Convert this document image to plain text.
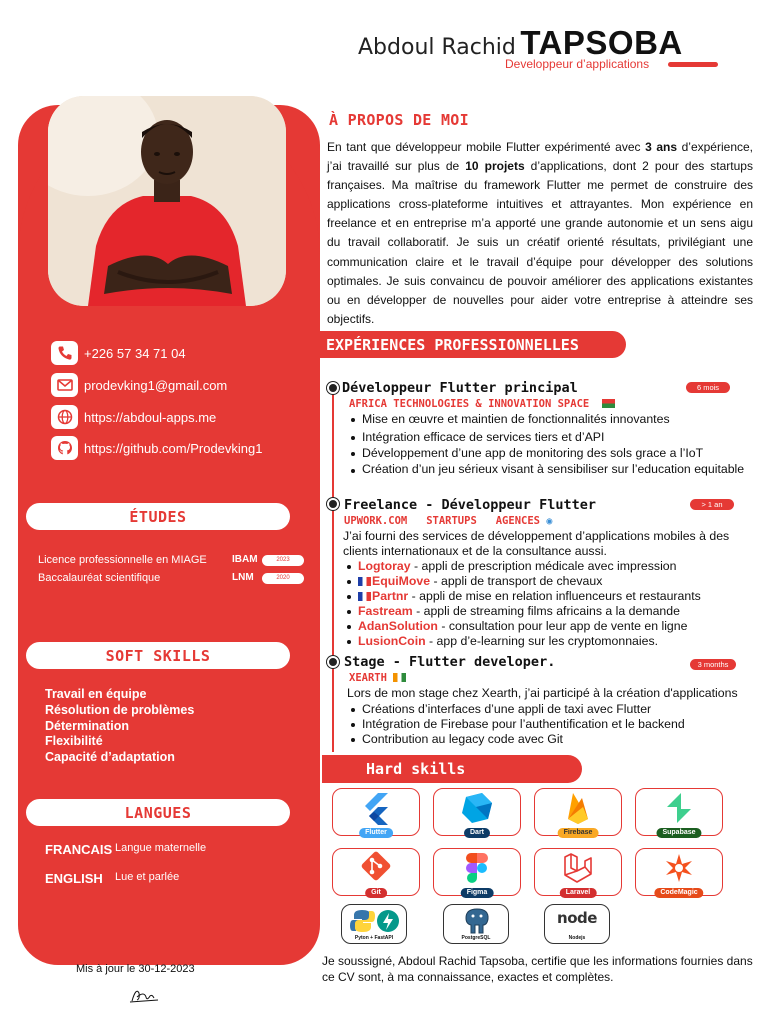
Abdoul Rachid TAPSOBA
Developpeur d’applications
+226 57 34 71 04
prodevking1@gmail.com
https://abdoul-apps.me
https://github.com/Prodevking1
ÉTUDES
Licence professionnelle en MIAGE	IBAM	2023
Baccalauréat scientifique	LNM	2020
SOFT SKILLS
Travail en équipe
Résolution de problèmes
Détermination
Flexibilité
Capacité d’adaptation
LANGUES
FRANCAIS Langue maternelle
ENGLISH	Lue et parlée
Mis à jour le 30-12-2023
À PROPOS DE MOI
En tant que développeur mobile Flutter expérimenté avec 3 ans d’expérience, j’ai travaillé sur plus de 10 projets d’applications, dont 2 pour des startups françaises. Ma maîtrise du framework Flutter me permet de construire des applications cross-plateforme intuitives et attrayantes. Mon expérience en freelance et en entreprise m’a apporté une grande autonomie et un sens aigu du travail collaboratif. Je suis un créatif orienté résultats, privilégiant une communication claire et le travail d’équipe pour développer des solutions optimales. Je suis convaincu de pouvoir améliorer des applications existantes ou en développer de nouvelles pour aider votre entreprise à atteindre ses objectifs.
EXPÉRIENCES PROFESSIONNELLES
Développeur Flutter principal	6 mois
AFRICA TECHNOLOGIES & INNOVATION SPACE
Mise en œuvre et maintien de fonctionnalités innovantes
Intégration efficace de services tiers et d’API
Développement d’une app de monitoring des sols grace a l’IoT
Création d’un jeu sérieux visant à sensibiliser sur l’education equitable
Freelance - Développeur Flutter	> 1 an
UPWORK.COM STARTUPS AGENCES ◉
J’ai fourni des services de développement d’applications mobiles à des clients internationaux et de la consultance aussi.
Logtoray - appli de prescription médicale avec impression
EquiMove - appli de transport de chevaux
Partnr - appli de mise en relation influenceurs et restaurants
Fastream - appli de streaming films africains a la demande
AdanSolution - consultation pour leur app de vente en ligne
LusionCoin - app d’e-learning sur les cryptomonnaies.
Stage - Flutter developer.	3 months
XEARTH
Lors de mon stage chez Xearth, j’ai participé à la création d'applications
Créations d’interfaces d’une appli de taxi avec Flutter
Intégration de Firebase pour l’authentification et le backend
Contribution au legacy code avec Git
Hard skills
Flutter	Dart	Firebase	Supabase
Git	Figma	Laravel	CodeMagic
Pyton + FastAPI	PostgreSQL
node
Nodejs
Je soussigné, Abdoul Rachid Tapsoba, certifie que les informations fournies dans ce CV sont, à ma connaissance, exactes et complètes.
